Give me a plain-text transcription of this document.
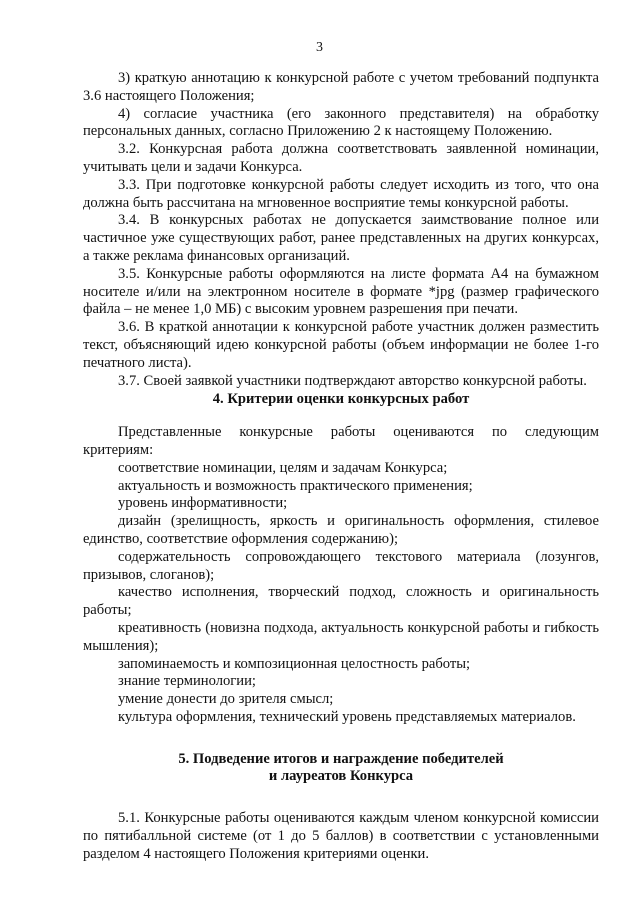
3

3) краткую аннотацию к конкурсной работе с учетом требований подпункта 3.6 настоящего Положения;

4) согласие участника (его законного представителя) на обработку персональных данных, согласно Приложению 2 к настоящему Положению.

3.2. Конкурсная работа должна соответствовать заявленной номинации, учитывать цели и задачи Конкурса.

3.3. При подготовке конкурсной работы следует исходить из того, что она должна быть рассчитана на мгновенное восприятие темы конкурсной работы.

3.4. В конкурсных работах не допускается заимствование полное или частичное уже существующих работ, ранее представленных на других конкурсах, а также реклама финансовых организаций.

3.5. Конкурсные работы оформляются на листе формата А4 на бумажном носителе и/или на электронном носителе в формате *jpg (размер графического файла – не менее 1,0 МБ) с высоким уровнем разрешения при печати.

3.6. В краткой аннотации к конкурсной работе участник должен разместить текст, объясняющий идею конкурсной работы (объем информации не более 1-го печатного листа).

3.7. Своей заявкой участники подтверждают авторство конкурсной работы.

4. Критерии оценки конкурсных работ

Представленные конкурсные работы оцениваются по следующим критериям:

соответствие номинации, целям и задачам Конкурса;

актуальность и возможность практического применения;

уровень информативности;

дизайн (зрелищность, яркость и оригинальность оформления, стилевое единство, соответствие оформления содержанию);

содержательность сопровождающего текстового материала (лозунгов, призывов, слоганов);

качество исполнения, творческий подход, сложность и оригинальность работы;

креативность (новизна подхода, актуальность конкурсной работы и гибкость мышления);

запоминаемость и композиционная целостность работы;

знание терминологии;

умение донести до зрителя смысл;

культура оформления, технический уровень представляемых материалов.

5. Подведение итогов и награждение победителей
и лауреатов Конкурса

5.1. Конкурсные работы оцениваются каждым членом конкурсной комиссии по пятибалльной системе (от 1 до 5 баллов) в соответствии с установленными разделом 4 настоящего Положения критериями оценки.
